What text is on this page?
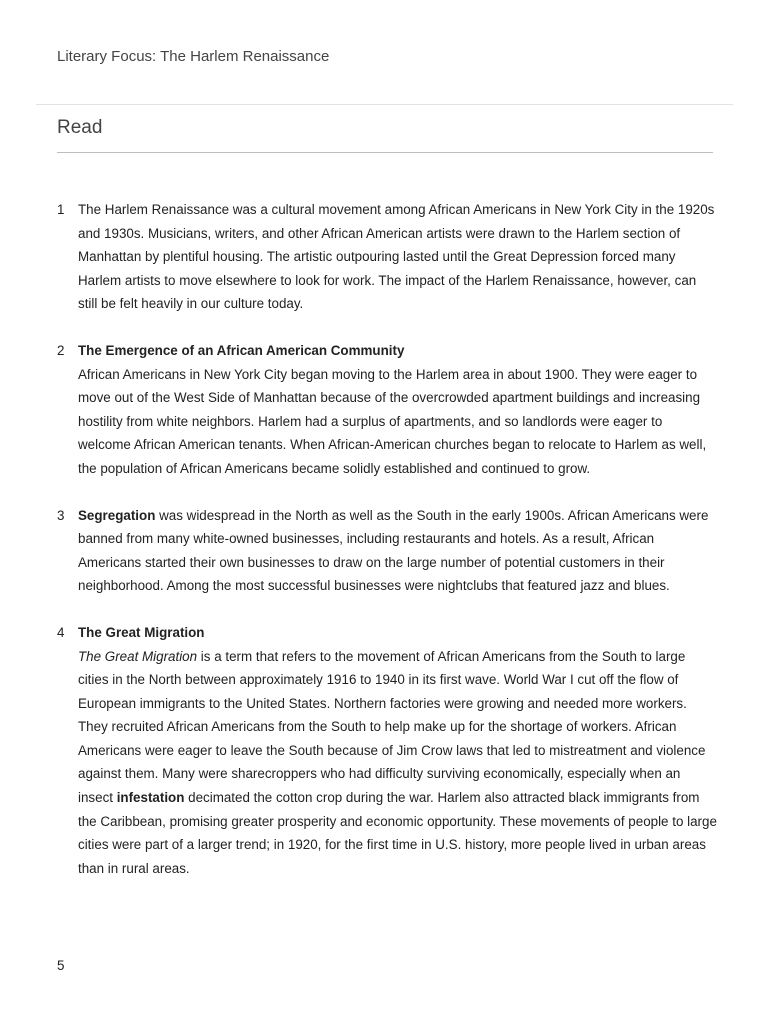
Literary Focus: The Harlem Renaissance
Read
1	The Harlem Renaissance was a cultural movement among African Americans in New York City in the 1920s and 1930s. Musicians, writers, and other African American artists were drawn to the Harlem section of Manhattan by plentiful housing. The artistic outpouring lasted until the Great Depression forced many Harlem artists to move elsewhere to look for work. The impact of the Harlem Renaissance, however, can still be felt heavily in our culture today.
2	The Emergence of an African American Community
African Americans in New York City began moving to the Harlem area in about 1900. They were eager to move out of the West Side of Manhattan because of the overcrowded apartment buildings and increasing hostility from white neighbors. Harlem had a surplus of apartments, and so landlords were eager to welcome African American tenants. When African-American churches began to relocate to Harlem as well, the population of African Americans became solidly established and continued to grow.
3	Segregation was widespread in the North as well as the South in the early 1900s. African Americans were banned from many white-owned businesses, including restaurants and hotels. As a result, African Americans started their own businesses to draw on the large number of potential customers in their neighborhood. Among the most successful businesses were nightclubs that featured jazz and blues.
4	The Great Migration
The Great Migration is a term that refers to the movement of African Americans from the South to large cities in the North between approximately 1916 to 1940 in its first wave. World War I cut off the flow of European immigrants to the United States. Northern factories were growing and needed more workers. They recruited African Americans from the South to help make up for the shortage of workers. African Americans were eager to leave the South because of Jim Crow laws that led to mistreatment and violence against them. Many were sharecroppers who had difficulty surviving economically, especially when an insect infestation decimated the cotton crop during the war. Harlem also attracted black immigrants from the Caribbean, promising greater prosperity and economic opportunity. These movements of people to large cities were part of a larger trend; in 1920, for the first time in U.S. history, more people lived in urban areas than in rural areas.
5
